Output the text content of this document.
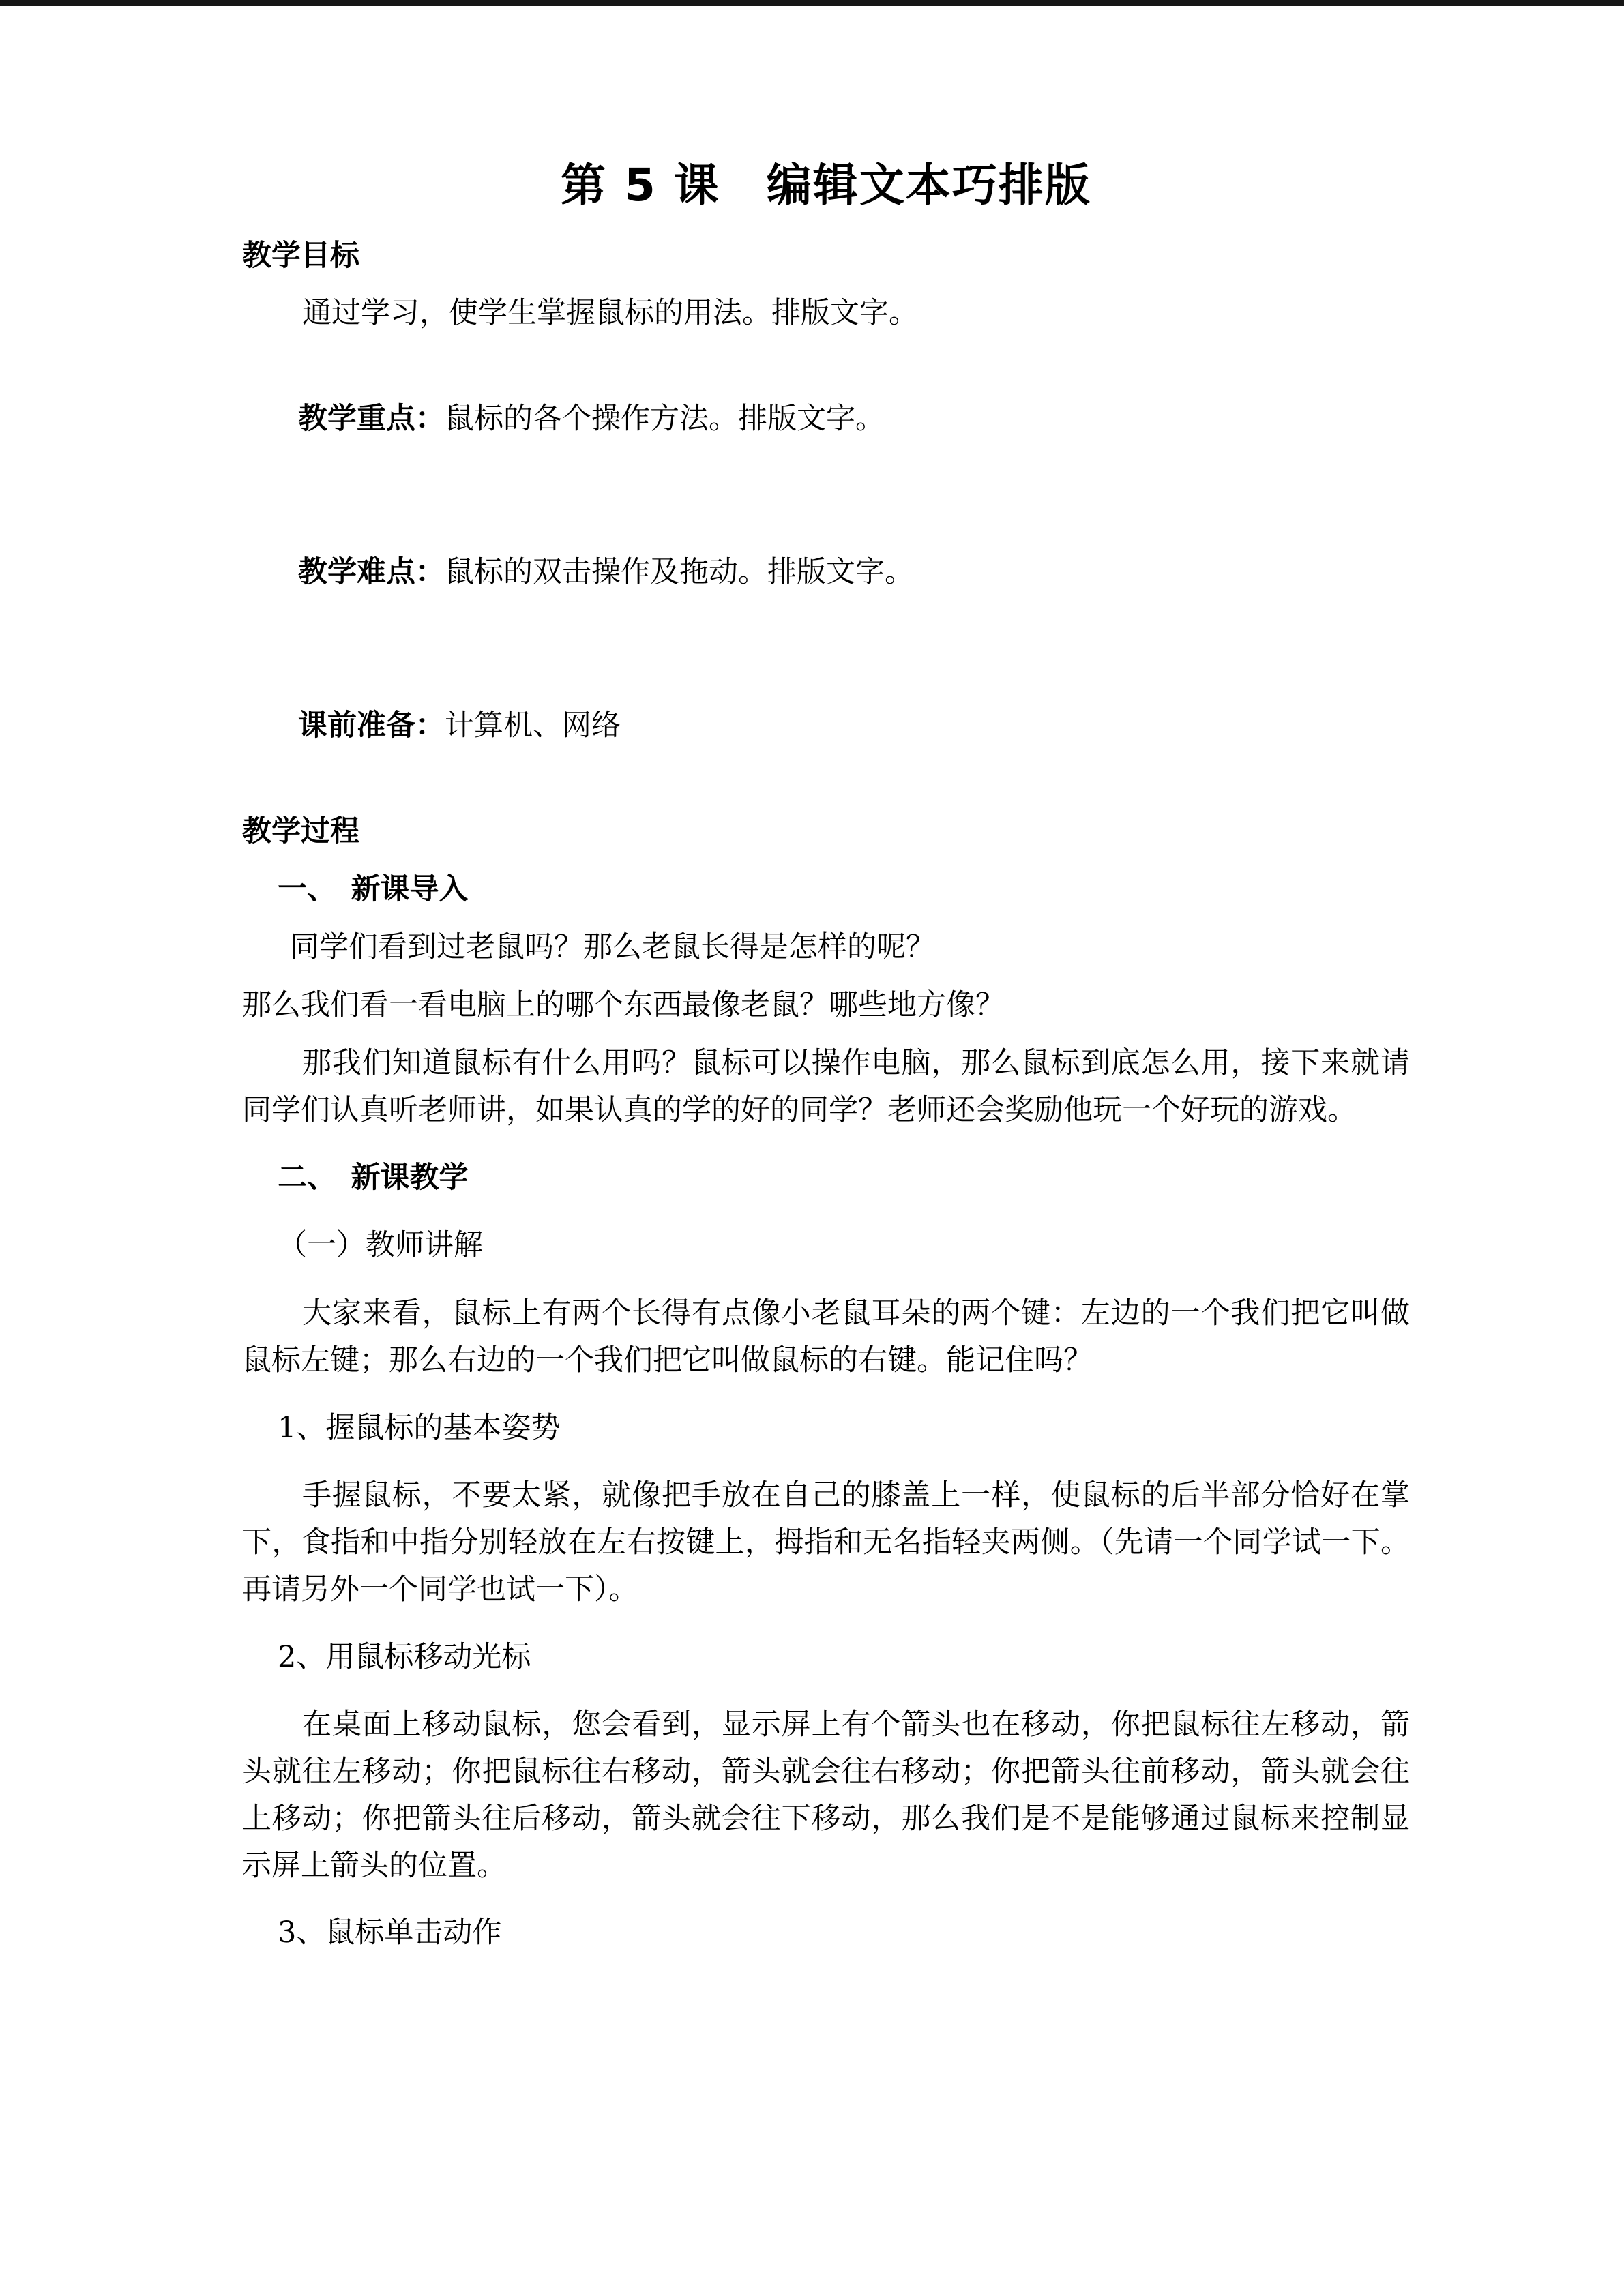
第 5 课　编辑文本巧排版

教学目标

通过学习，使学生掌握鼠标的用法。排版文字。

教学重点：鼠标的各个操作方法。排版文字。

教学难点：鼠标的双击操作及拖动。排版文字。

课前准备：计算机、网络

教学过程

一、　新课导入

同学们看到过老鼠吗？那么老鼠长得是怎样的呢？

那么我们看一看电脑上的哪个东西最像老鼠？哪些地方像？

那我们知道鼠标有什么用吗？鼠标可以操作电脑，那么鼠标到底怎么用，接下来就请同学们认真听老师讲，如果认真的学的好的同学？老师还会奖励他玩一个好玩的游戏。

二、　新课教学

（一）教师讲解

大家来看，鼠标上有两个长得有点像小老鼠耳朵的两个键：左边的一个我们把它叫做鼠标左键；那么右边的一个我们把它叫做鼠标的右键。能记住吗？

1、握鼠标的基本姿势

手握鼠标，不要太紧，就像把手放在自己的膝盖上一样，使鼠标的后半部分恰好在掌下，食指和中指分别轻放在左右按键上，拇指和无名指轻夹两侧。（先请一个同学试一下。再请另外一个同学也试一下）。

2、用鼠标移动光标

在桌面上移动鼠标，您会看到，显示屏上有个箭头也在移动，你把鼠标往左移动，箭头就往左移动；你把鼠标往右移动，箭头就会往右移动；你把箭头往前移动，箭头就会往上移动；你把箭头往后移动，箭头就会往下移动，那么我们是不是能够通过鼠标来控制显示屏上箭头的位置。

3、鼠标单击动作
